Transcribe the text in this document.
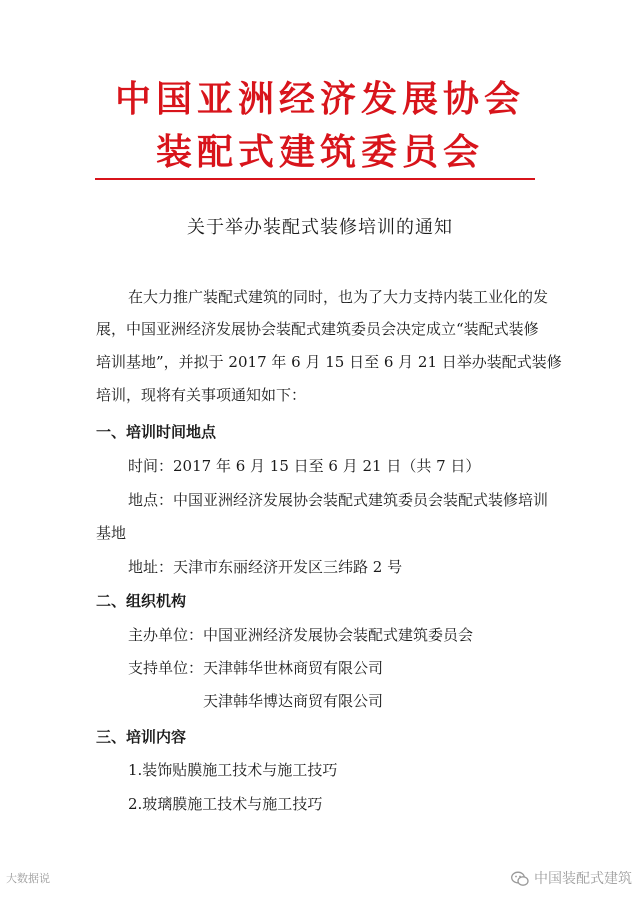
中国亚洲经济发展协会
装配式建筑委员会
关于举办装配式装修培训的通知
在大力推广装配式建筑的同时，也为了大力支持内装工业化的发
展，中国亚洲经济发展协会装配式建筑委员会决定成立“装配式装修
培训基地”，并拟于 2017 年 6 月 15 日至 6 月 21 日举办装配式装修
培训，现将有关事项通知如下：
一、培训时间地点
时间：2017 年 6 月 15 日至 6 月 21 日（共 7 日）
地点：中国亚洲经济发展协会装配式建筑委员会装配式装修培训
基地
地址：天津市东丽经济开发区三纬路 2 号
二、组织机构
主办单位：中国亚洲经济发展协会装配式建筑委员会
支持单位：天津韩华世林商贸有限公司
天津韩华博达商贸有限公司
三、培训内容
1.装饰贴膜施工技术与施工技巧
2.玻璃膜施工技术与施工技巧
大数据说	中国装配式建筑
